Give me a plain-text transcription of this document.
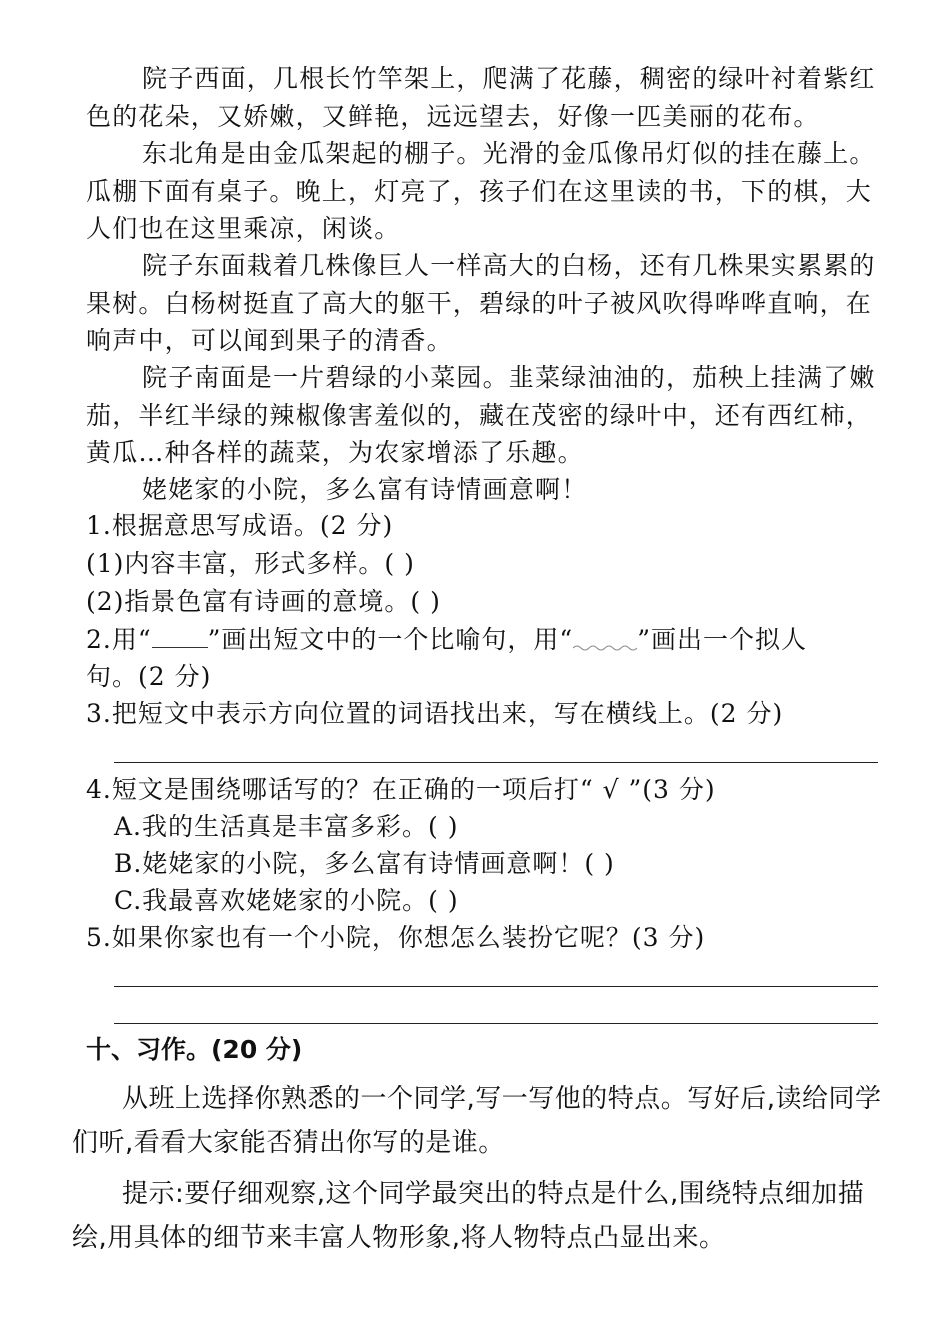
院子西面，几根长竹竿架上，爬满了花藤，稠密的绿叶衬着紫红色的花朵，又娇嫩，又鲜艳，远远望去，好像一匹美丽的花布。
东北角是由金瓜架起的棚子。光滑的金瓜像吊灯似的挂在藤上。瓜棚下面有桌子。晚上，灯亮了，孩子们在这里读的书，下的棋，大人们也在这里乘凉，闲谈。
院子东面栽着几株像巨人一样高大的白杨，还有几株果实累累的果树。白杨树挺直了高大的躯干，碧绿的叶子被风吹得哗哗直响，在响声中，可以闻到果子的清香。
院子南面是一片碧绿的小菜园。韭菜绿油油的，茄秧上挂满了嫩茄，半红半绿的辣椒像害羞似的，藏在茂密的绿叶中，还有西红柿，黄瓜…种各样的蔬菜，为农家增添了乐趣。
姥姥家的小院，多么富有诗情画意啊！
1.根据意思写成语。(2 分)
(1)内容丰富，形式多样。( )
(2)指景色富有诗画的意境。( )
2.用“ ”画出短文中的一个比喻句，用“	”画出一个拟人
句。(2 分)
3.把短文中表示方向位置的词语找出来，写在横线上。(2 分)
4.短文是围绕哪话写的？在正确的一项后打“ √ ”(3 分)
A.我的生活真是丰富多彩。( )
B.姥姥家的小院，多么富有诗情画意啊！( )
C.我最喜欢姥姥家的小院。( )
5.如果你家也有一个小院，你想怎么装扮它呢？(3 分)
十、习作。(20 分)
从班上选择你熟悉的一个同学,写一写他的特点。写好后,读给同学们听,看看大家能否猜出你写的是谁。
提示:要仔细观察,这个同学最突出的特点是什么,围绕特点细加描绘,用具体的细节来丰富人物形象,将人物特点凸显出来。
